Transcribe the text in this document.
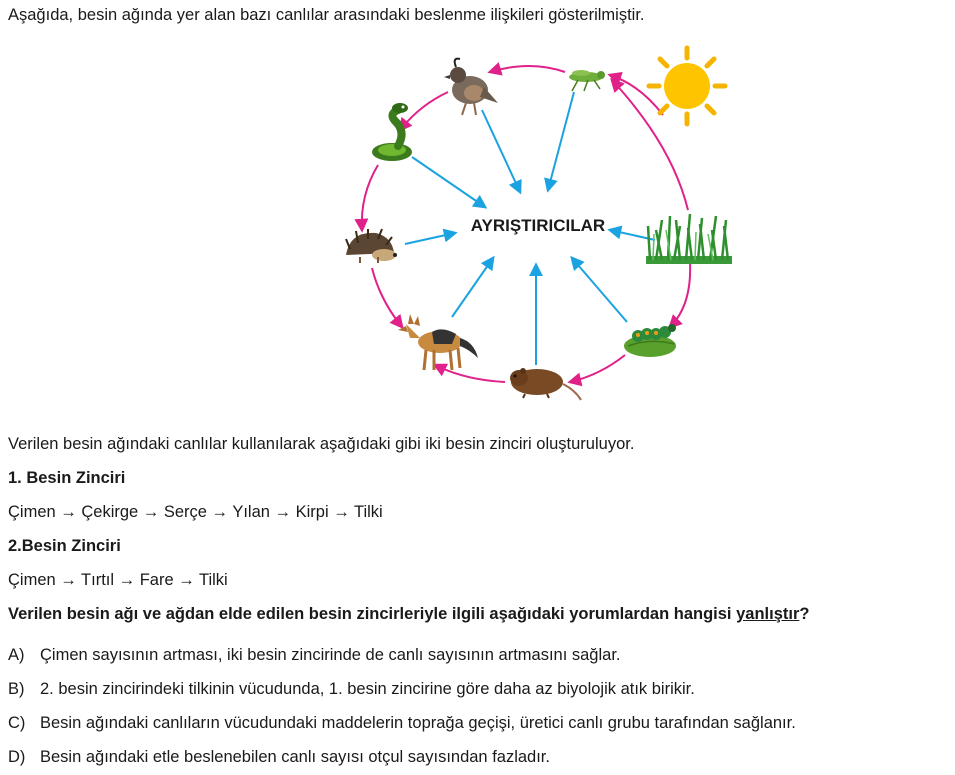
Aşağıda, besin ağında yer alan bazı canlılar arasındaki beslenme ilişkileri gösterilmiştir.
AYRIŞTIRICILAR
Verilen besin ağındaki canlılar kullanılarak aşağıdaki gibi iki besin zinciri oluşturuluyor.
1. Besin Zinciri
Çimen → Çekirge → Serçe → Yılan → Kirpi → Tilki
2.Besin Zinciri
Çimen → Tırtıl → Fare → Tilki
Verilen besin ağı ve ağdan elde edilen besin zincirleriyle ilgili aşağıdaki yorumlardan hangisi yanlıştır?
A) Çimen sayısının artması, iki besin zincirinde de canlı sayısının artmasını sağlar.
B) 2. besin zincirindeki tilkinin vücudunda, 1. besin zincirine göre daha az biyolojik atık birikir.
C) Besin ağındaki canlıların vücudundaki maddelerin toprağa geçişi, üretici canlı grubu tarafından sağlanır.
D) Besin ağındaki etle beslenebilen canlı sayısı otçul sayısından fazladır.
